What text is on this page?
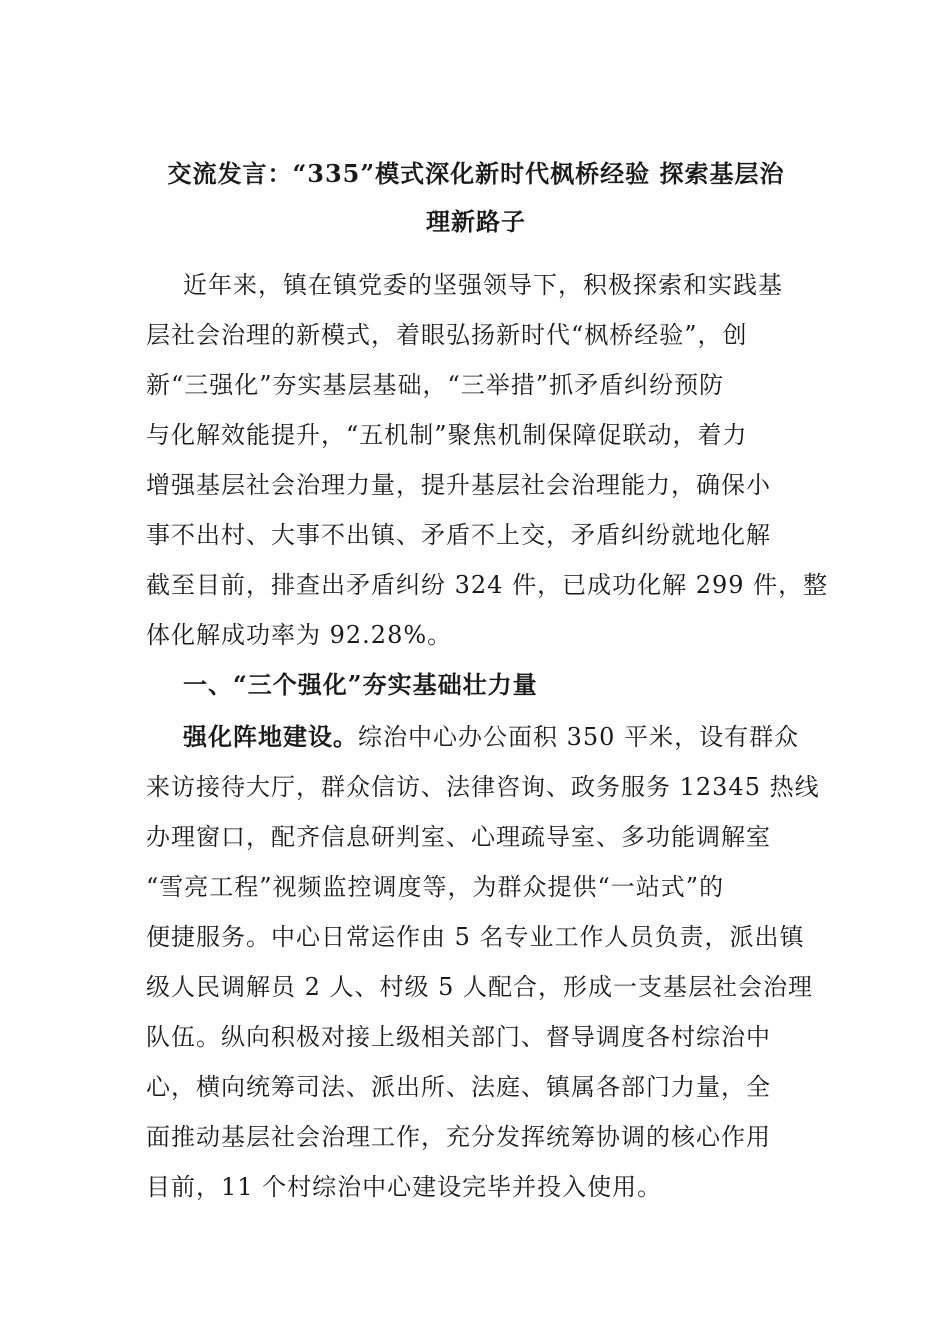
交流发言：“335”模式深化新时代枫桥经验 探索基层治
理新路子
近年来，镇在镇党委的坚强领导下，积极探索和实践基
层社会治理的新模式，着眼弘扬新时代“枫桥经验”，创
新“三强化”夯实基层基础，“三举措”抓矛盾纠纷预防
与化解效能提升，“五机制”聚焦机制保障促联动，着力
增强基层社会治理力量，提升基层社会治理能力，确保小
事不出村、大事不出镇、矛盾不上交，矛盾纠纷就地化解
截至目前，排查出矛盾纠纷 324 件，已成功化解 299 件，整
体化解成功率为 92.28%。
一、“三个强化”夯实基础壮力量
强化阵地建设。综治中心办公面积 350 平米，设有群众
来访接待大厅，群众信访、法律咨询、政务服务 12345 热线
办理窗口，配齐信息研判室、心理疏导室、多功能调解室
“雪亮工程”视频监控调度等，为群众提供“一站式”的
便捷服务。中心日常运作由 5 名专业工作人员负责，派出镇
级人民调解员 2 人、村级 5 人配合，形成一支基层社会治理
队伍。纵向积极对接上级相关部门、督导调度各村综治中
心，横向统筹司法、派出所、法庭、镇属各部门力量，全
面推动基层社会治理工作，充分发挥统筹协调的核心作用
目前，11 个村综治中心建设完毕并投入使用。
